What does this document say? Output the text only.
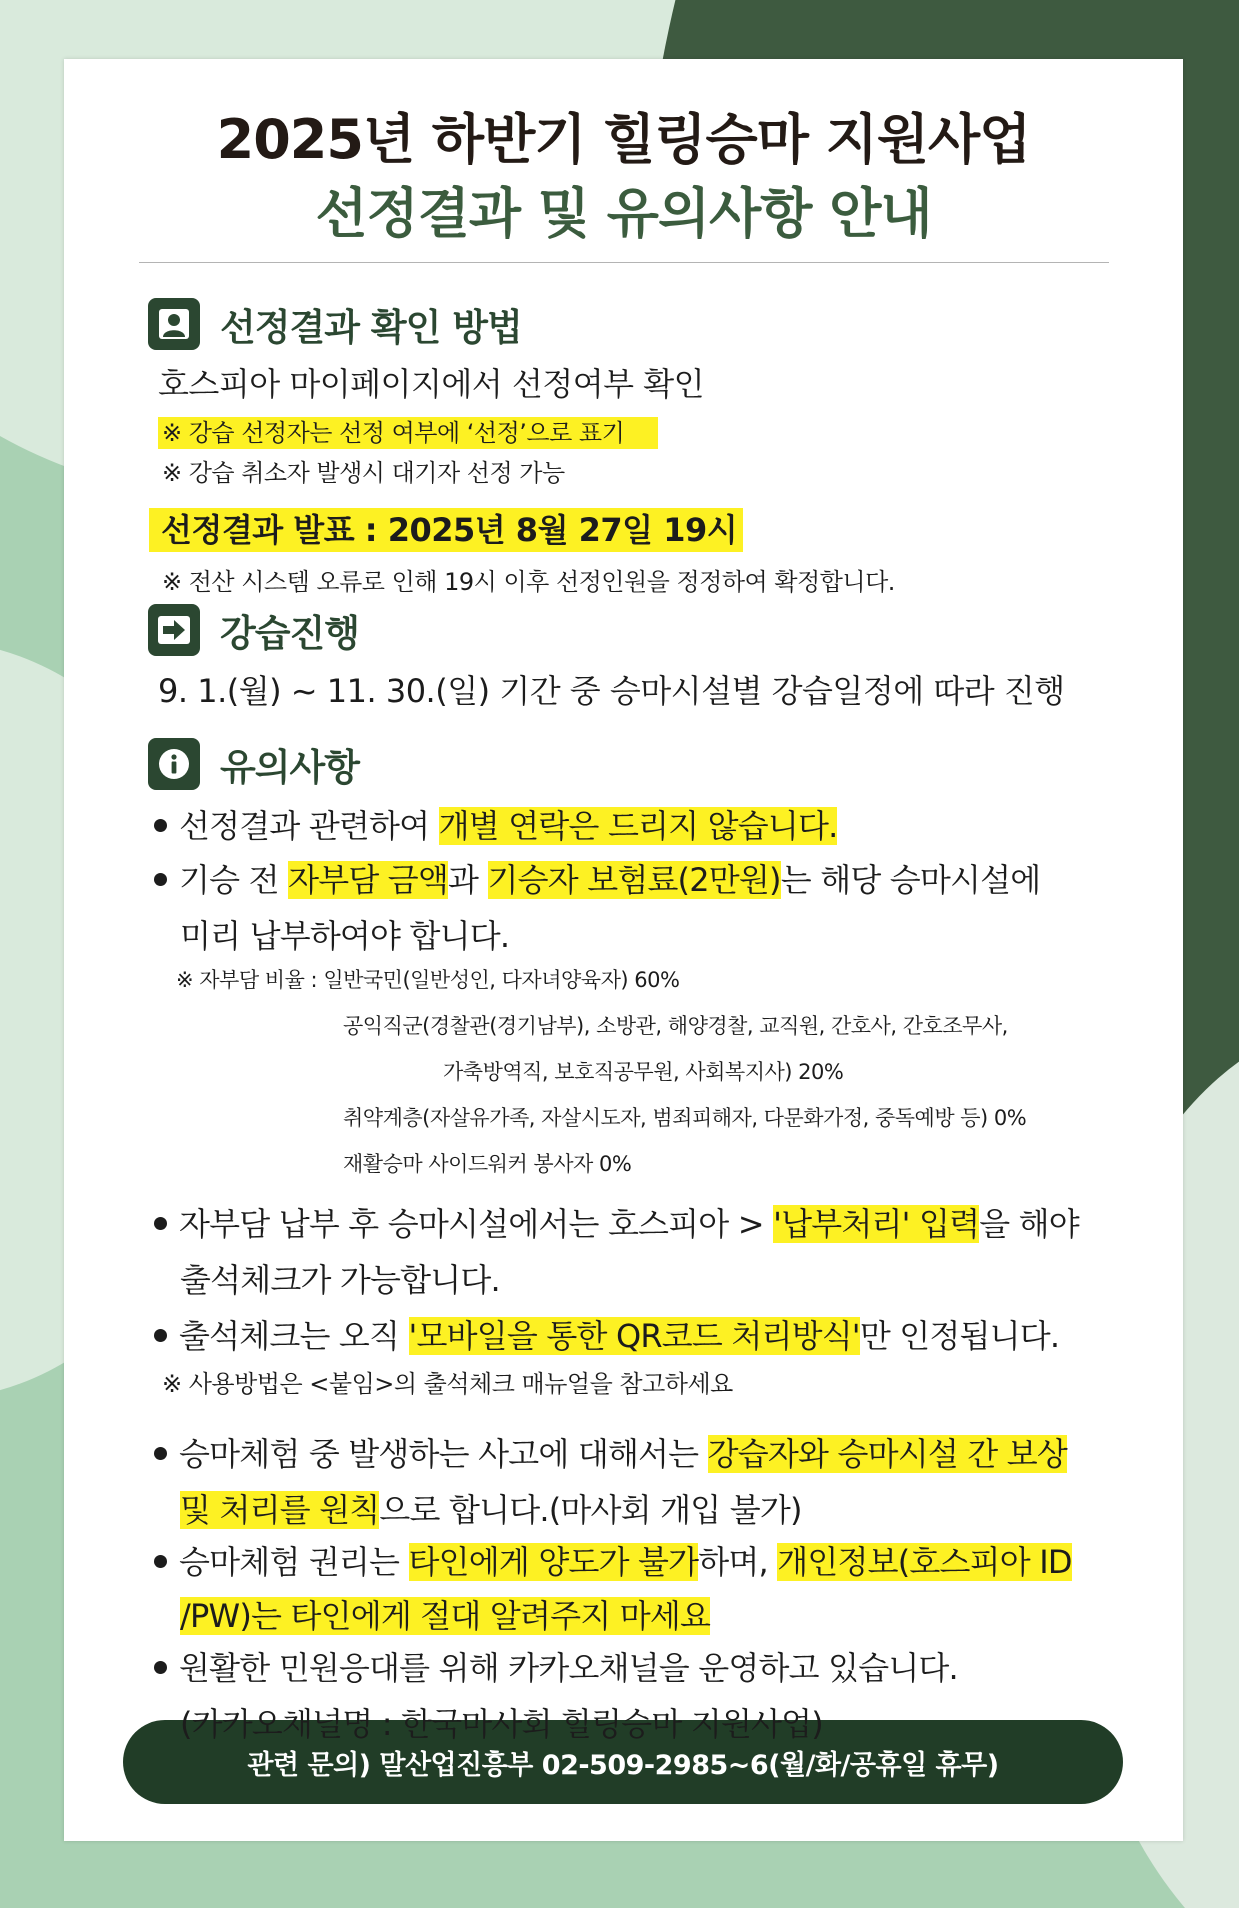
2025년 하반기 힐링승마 지원사업
선정결과 및 유의사항 안내
선정결과 확인 방법
호스피아 마이페이지에서 선정여부 확인
※ 강습 선정자는 선정 여부에 ‘선정’으로 표기
※ 강습 취소자 발생시 대기자 선정 가능
선정결과 발표 : 2025년 8월 27일 19시
※ 전산 시스템 오류로 인해 19시 이후 선정인원을 정정하여 확정합니다.
강습진행
9. 1.(월) ~ 11. 30.(일) 기간 중 승마시설별 강습일정에 따라 진행
유의사항
선정결과 관련하여 개별 연락은 드리지 않습니다.
기승 전 자부담 금액과 기승자 보험료(2만원)는 해당 승마시설에
미리 납부하여야 합니다.
※ 자부담 비율 : 일반국민(일반성인, 다자녀양육자) 60%
공익직군(경찰관(경기남부), 소방관, 해양경찰, 교직원, 간호사, 간호조무사,
가축방역직, 보호직공무원, 사회복지사) 20%
취약계층(자살유가족, 자살시도자, 범죄피해자, 다문화가정, 중독예방 등) 0%
재활승마 사이드워커 봉사자 0%
자부담 납부 후 승마시설에서는 호스피아 > '납부처리' 입력을 해야
출석체크가 가능합니다.
출석체크는 오직 '모바일을 통한 QR코드 처리방식'만 인정됩니다.
※ 사용방법은 <붙임>의 출석체크 매뉴얼을 참고하세요
승마체험 중 발생하는 사고에 대해서는 강습자와 승마시설 간 보상
및 처리를 원칙으로 합니다.(마사회 개입 불가)
승마체험 권리는 타인에게 양도가 불가하며, 개인정보(호스피아 ID
/PW)는 타인에게 절대 알려주지 마세요
원활한 민원응대를 위해 카카오채널을 운영하고 있습니다.
관련 문의) 말산업진흥부 02-509-2985~6(월/화/공휴일 휴무)
(카카오채널명 : 한국마사회 힐링승마 지원사업)
